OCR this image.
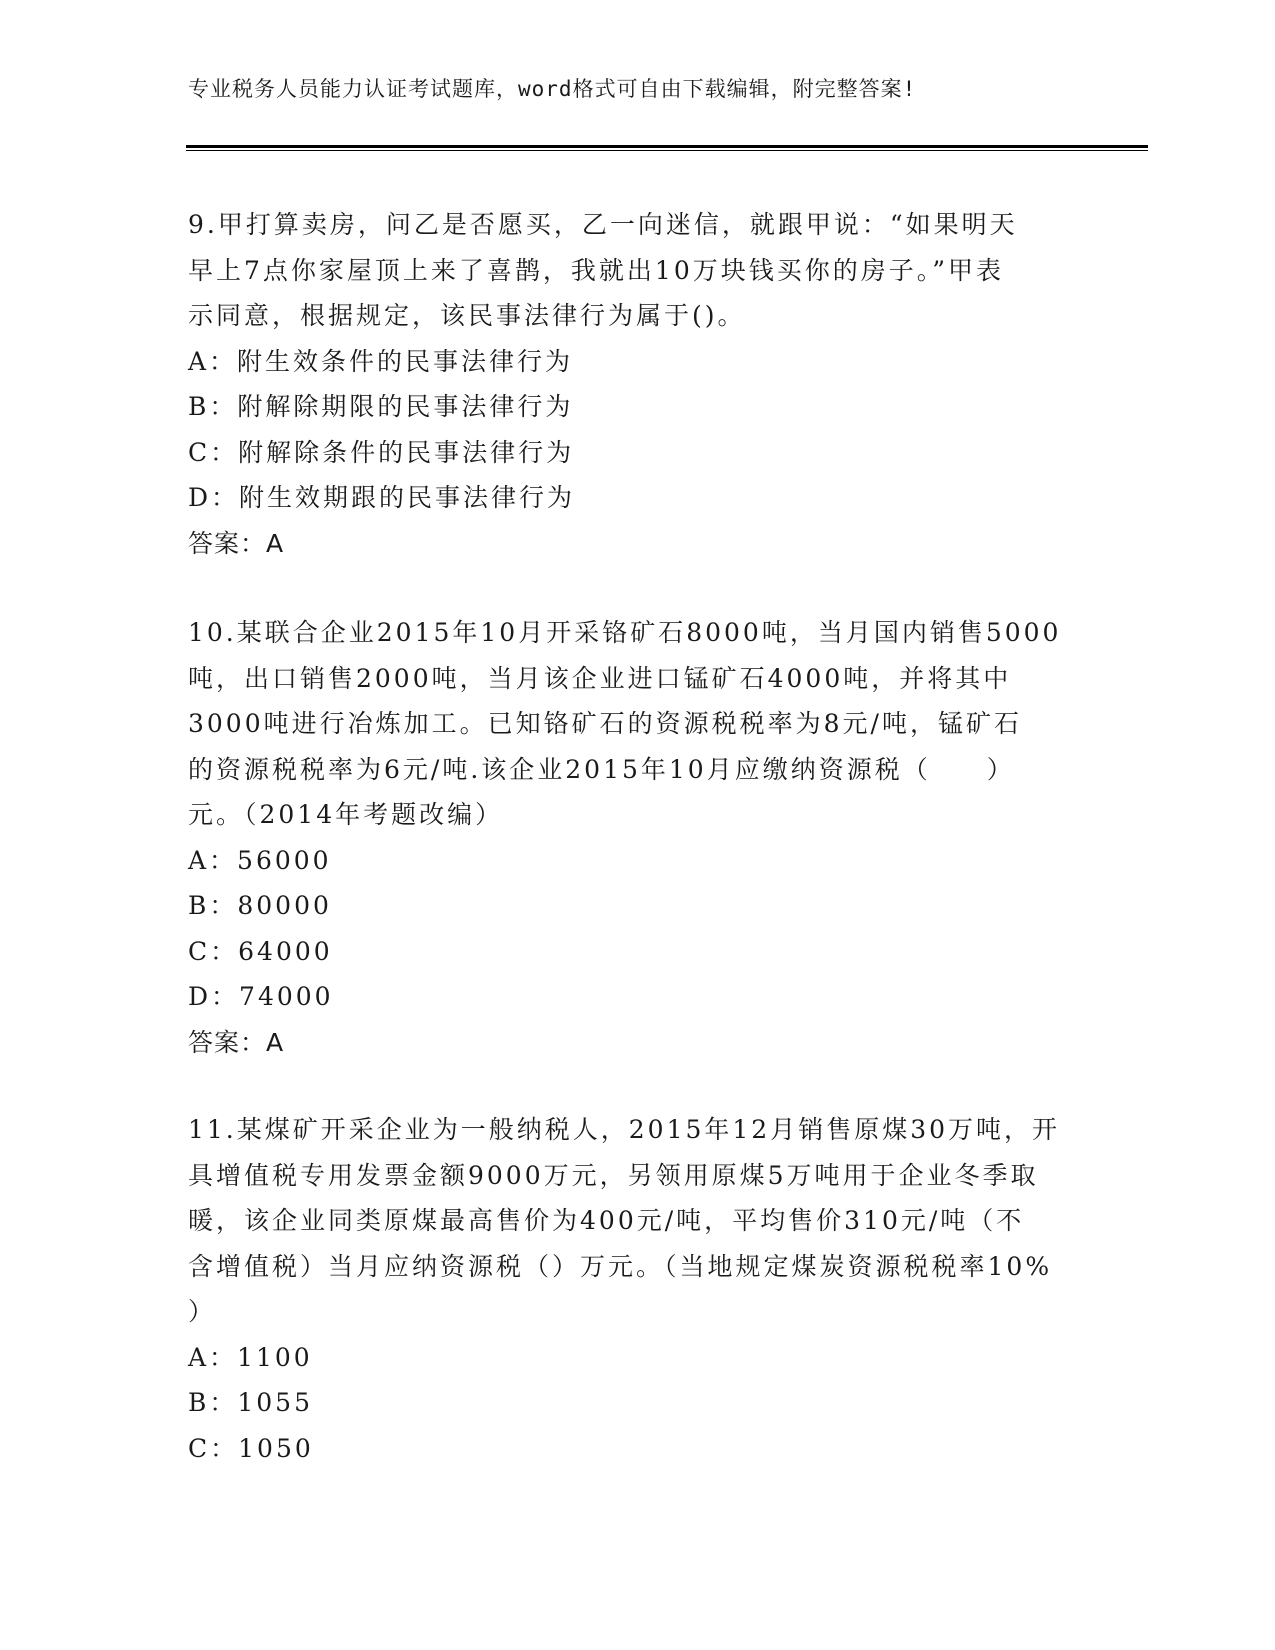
专业税务人员能力认证考试题库，word格式可自由下载编辑，附完整答案!
9.甲打算卖房，问乙是否愿买，乙一向迷信，就跟甲说：“如果明天
早上7点你家屋顶上来了喜鹊，我就出10万块钱买你的房子。”甲表
示同意，根据规定，该民事法律行为属于()。
A：附生效条件的民事法律行为
B：附解除期限的民事法律行为
C：附解除条件的民事法律行为
D：附生效期跟的民事法律行为
答案：A
10.某联合企业2015年10月开采铬矿石8000吨，当月国内销售5000
吨，出口销售2000吨，当月该企业进口锰矿石4000吨，并将其中
3000吨进行冶炼加工。已知铬矿石的资源税税率为8元/吨，锰矿石
的资源税税率为6元/吨.该企业2015年10月应缴纳资源税（　　）
元。（2014年考题改编）
A：56000
B：80000
C：64000
D：74000
答案：A
11.某煤矿开采企业为一般纳税人，2015年12月销售原煤30万吨，开
具增值税专用发票金额9000万元，另领用原煤5万吨用于企业冬季取
暖，该企业同类原煤最高售价为400元/吨，平均售价310元/吨（不
含增值税）当月应纳资源税（）万元。（当地规定煤炭资源税税率10%
）
A：1100
B：1055
C：1050
